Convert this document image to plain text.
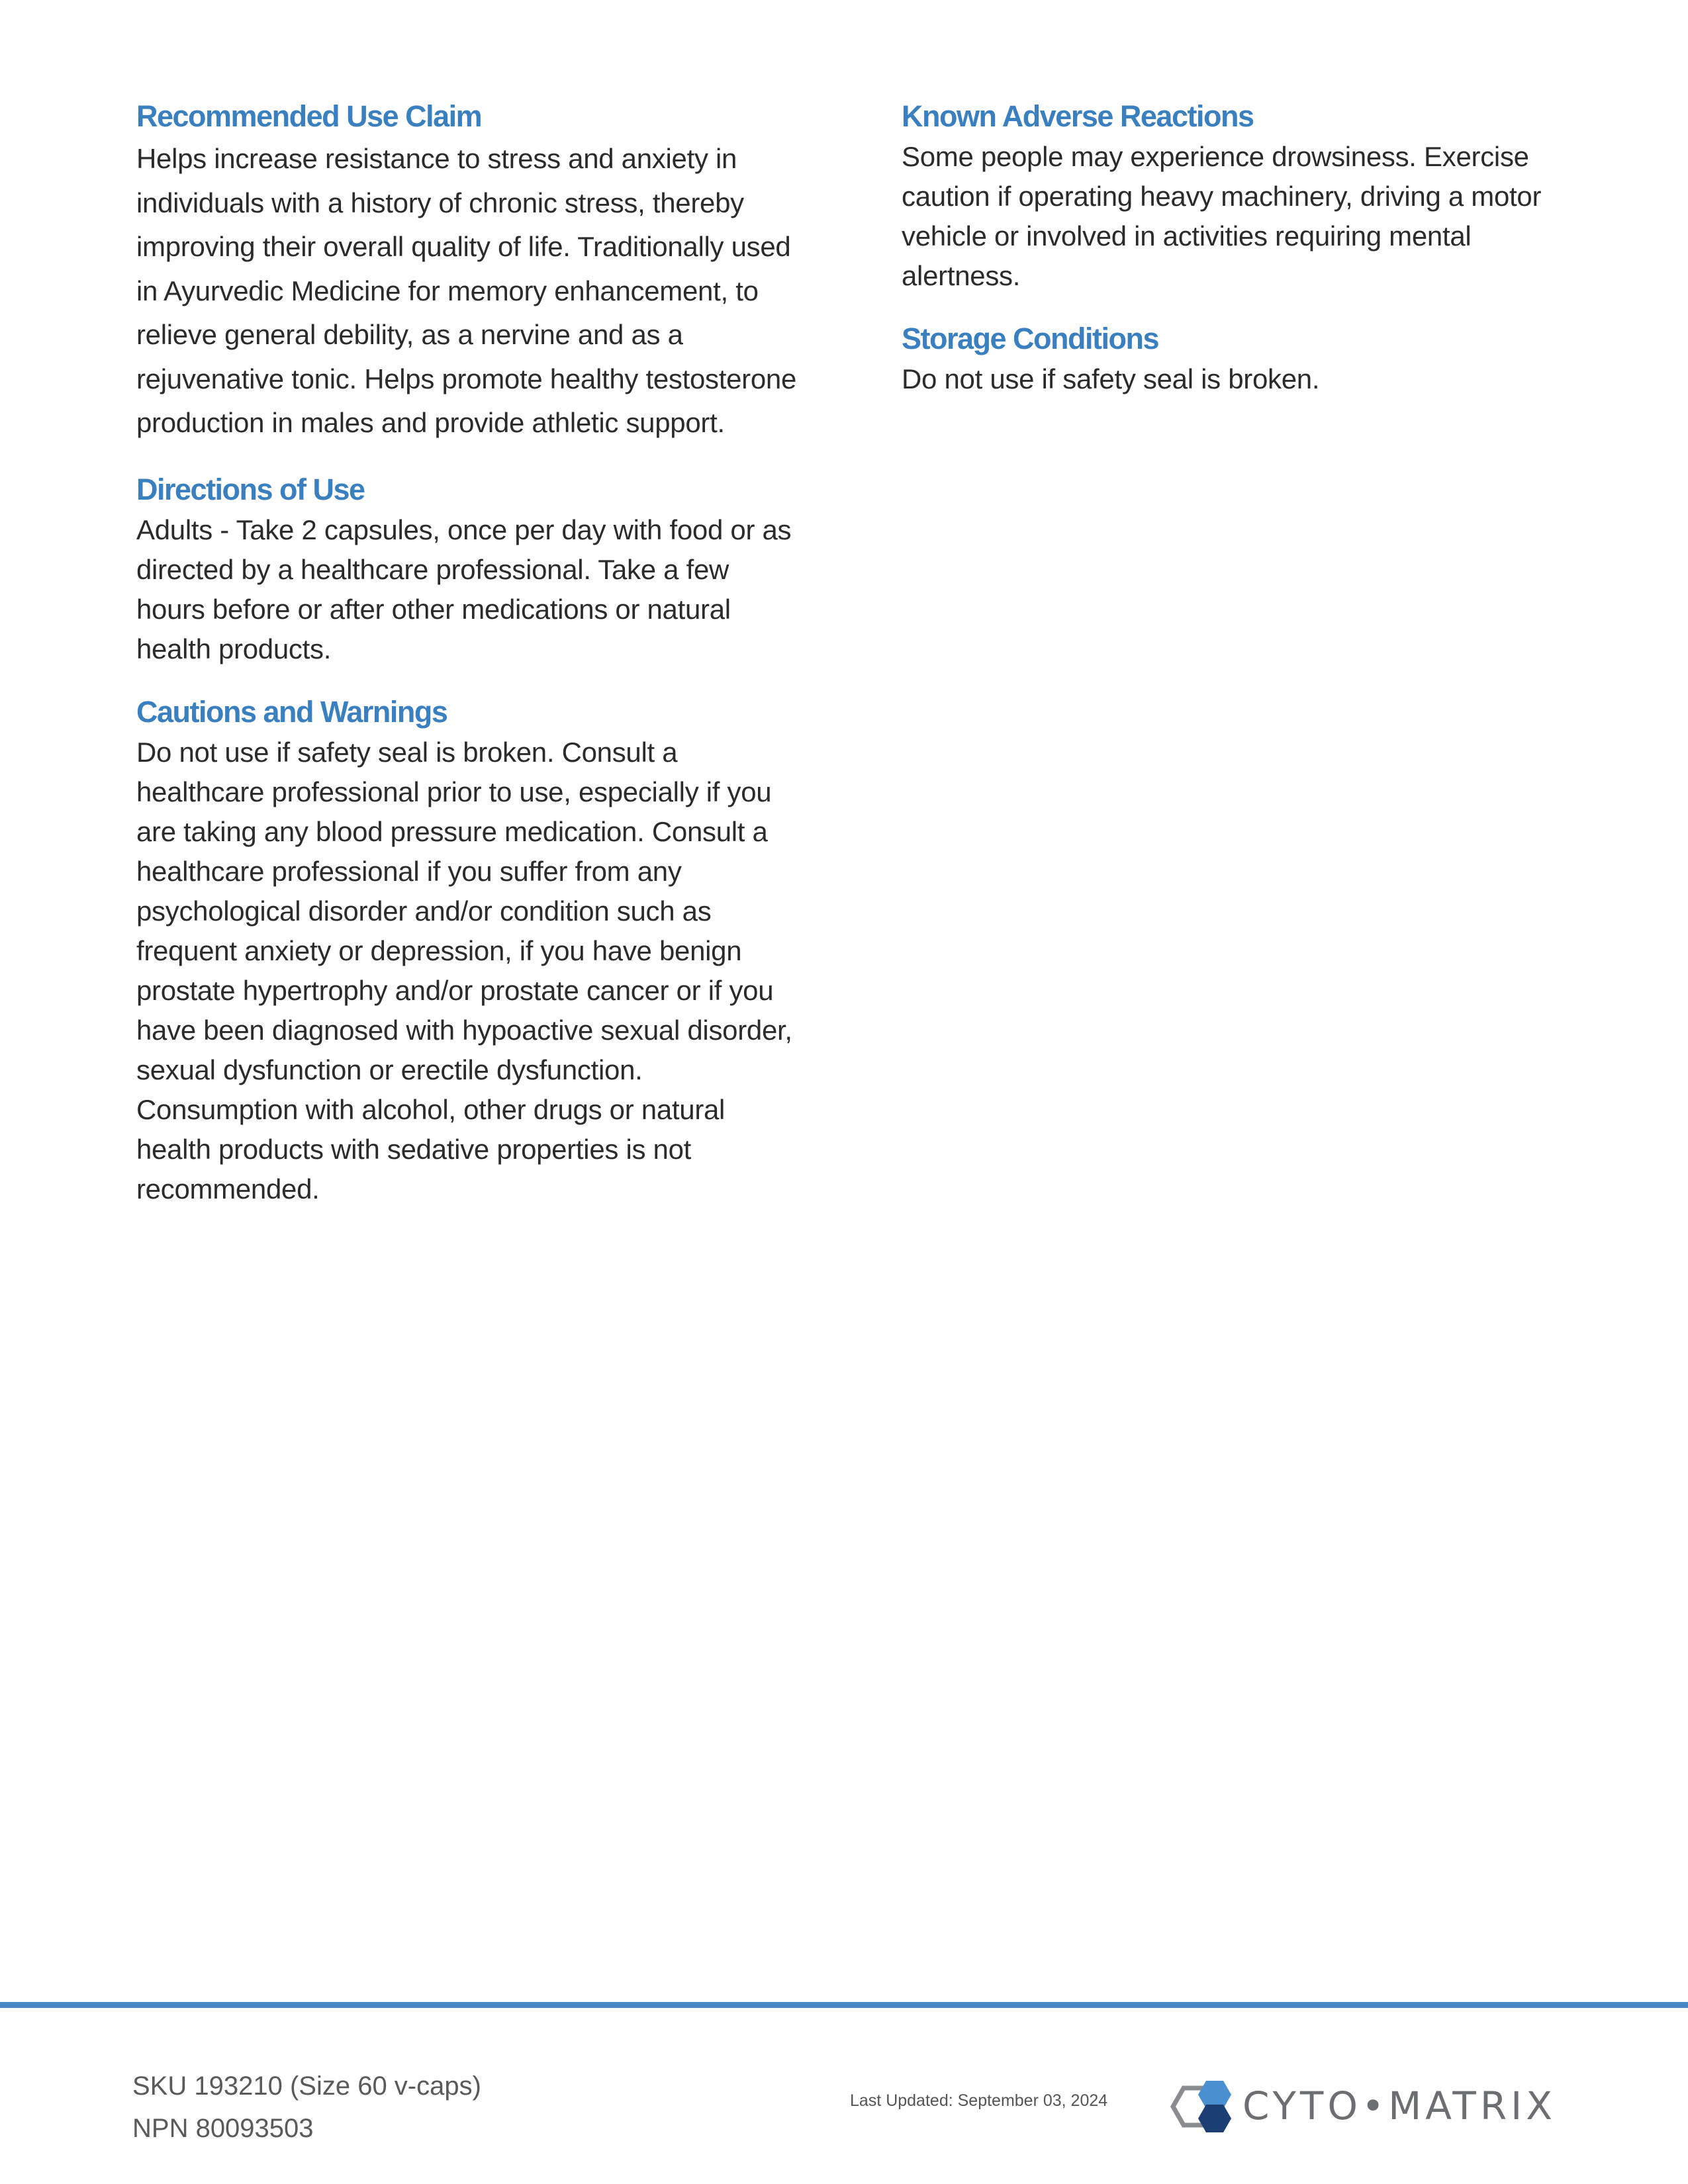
Recommended Use Claim

Helps increase resistance to stress and anxiety in individuals with a history of chronic stress, thereby improving their overall quality of life. Traditionally used in Ayurvedic Medicine for memory enhancement, to relieve general debility, as a nervine and as a rejuvenative tonic. Helps promote healthy testosterone production in males and provide athletic support.

Directions of Use

Adults - Take 2 capsules, once per day with food or as directed by a healthcare professional. Take a few hours before or after other medications or natural health products.

Cautions and Warnings

Do not use if safety seal is broken. Consult a healthcare professional prior to use, especially if you are taking any blood pressure medication. Consult a healthcare professional if you suffer from any psychological disorder and/or condition such as frequent anxiety or depression, if you have benign prostate hypertrophy and/or prostate cancer or if you have been diagnosed with hypoactive sexual disorder, sexual dysfunction or erectile dysfunction. Consumption with alcohol, other drugs or natural health products with sedative properties is not recommended.

Known Adverse Reactions

Some people may experience drowsiness. Exercise caution if operating heavy machinery, driving a motor vehicle or involved in activities requiring mental alertness.

Storage Conditions

Do not use if safety seal is broken.

SKU 193210 (Size 60 v-caps)
NPN 80093503
Last Updated: September 03, 2024	CYTO•MATRIX
